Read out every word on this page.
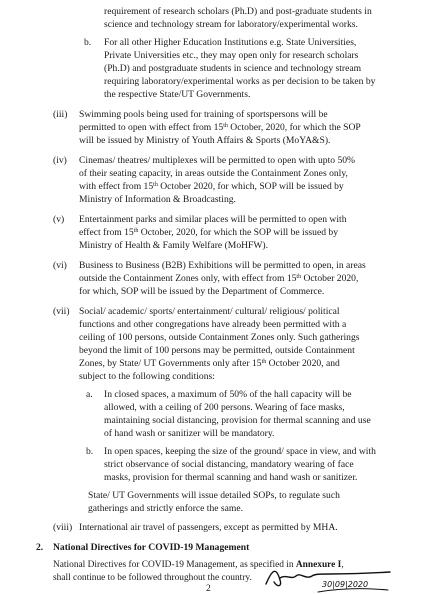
requirement of research scholars (Ph.D) and post-graduate students in
science and technology stream for laboratory/experimental works.
b. For all other Higher Education Institutions e.g. State Universities,
Private Universities etc., they may open only for research scholars
(Ph.D) and postgraduate students in science and technology stream
requiring laboratory/experimental works as per decision to be taken by
the respective State/UT Governments.
(iii) Swimming pools being used for training of sportspersons will be
permitted to open with effect from 15th October, 2020, for which the SOP
will be issued by Ministry of Youth Affairs & Sports (MoYA&S).
(iv) Cinemas/ theatres/ multiplexes will be permitted to open with upto 50%
of their seating capacity, in areas outside the Containment Zones only,
with effect from 15th October 2020, for which, SOP will be issued by
Ministry of Information & Broadcasting.
(v) Entertainment parks and similar places will be permitted to open with
effect from 15th October, 2020, for which the SOP will be issued by
Ministry of Health & Family Welfare (MoHFW).
(vi) Business to Business (B2B) Exhibitions will be permitted to open, in areas
outside the Containment Zones only, with effect from 15th October 2020,
for which, SOP will be issued by the Department of Commerce.
(vii) Social/ academic/ sports/ entertainment/ cultural/ religious/ political
functions and other congregations have already been permitted with a
ceiling of 100 persons, outside Containment Zones only. Such gatherings
beyond the limit of 100 persons may be permitted, outside Containment
Zones, by State/ UT Governments only after 15th October 2020, and
subject to the following conditions:
a. In closed spaces, a maximum of 50% of the hall capacity will be
allowed, with a ceiling of 200 persons. Wearing of face masks,
maintaining social distancing, provision for thermal scanning and use
of hand wash or sanitizer will be mandatory.
b. In open spaces, keeping the size of the ground/ space in view, and with
strict observance of social distancing, mandatory wearing of face
masks, provision for thermal scanning and hand wash or sanitizer.
State/ UT Governments will issue detailed SOPs, to regulate such
gatherings and strictly enforce the same.
(viii) International air travel of passengers, except as permitted by MHA.
2. National Directives for COVID-19 Management
National Directives for COVID-19 Management, as specified in Annexure I,
shall continue to be followed throughout the country.
2	30|09|2020
